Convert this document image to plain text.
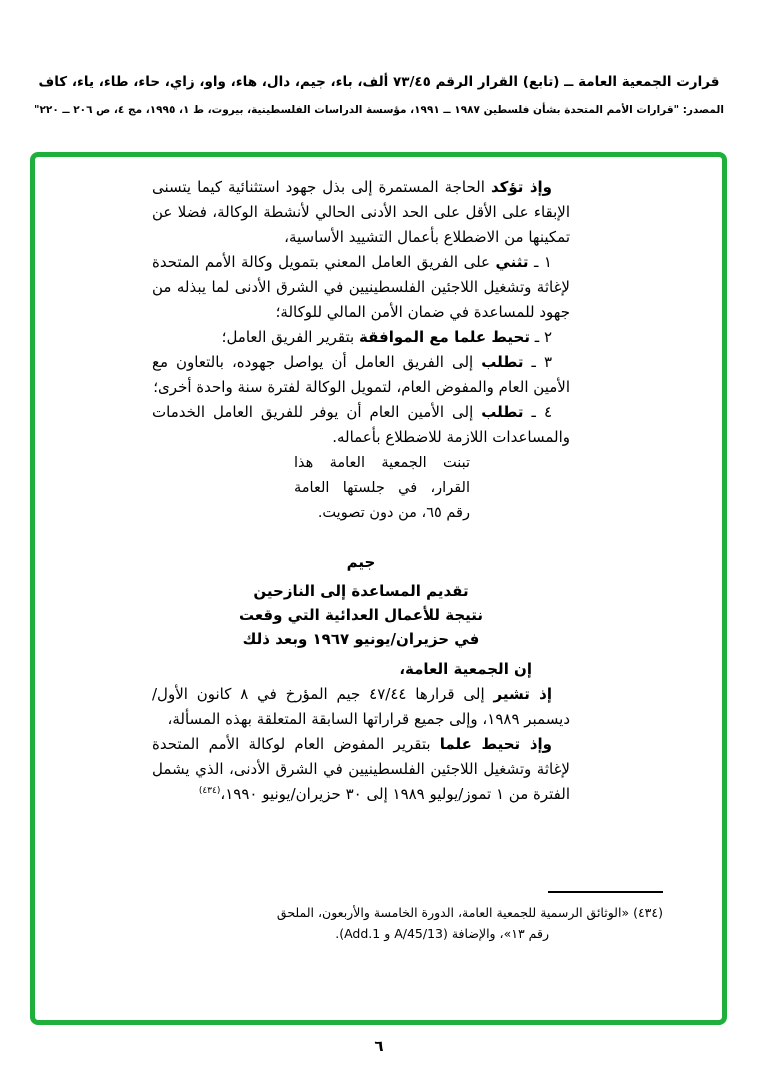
قرارت الجمعية العامة ــ (تابع) القرار الرقم ٧٣/٤٥ ألف، باء، جيم، دال، هاء، واو، زاي، حاء، طاء، ياء، كاف
المصدر: "قرارات الأمم المتحدة بشأن فلسطين ١٩٨٧ ــ ١٩٩١، مؤسسة الدراسات الفلسطينية، بيروت، ط ١، ١٩٩٥، مج ٤، ص ٢٠٦ ــ ٢٢٠"

وإذ تؤكد الحاجة المستمرة إلى بذل جهود استثنائية كيما يتسنى الإبقاء على الأقل على الحد الأدنى الحالي لأنشطة الوكالة، فضلا عن تمكينها من الاضطلاع بأعمال التشييد الأساسية،

١ ـ تثني على الفريق العامل المعني بتمويل وكالة الأمم المتحدة لإغاثة وتشغيل اللاجئين الفلسطينيين في الشرق الأدنى لما يبذله من جهود للمساعدة في ضمان الأمن المالي للوكالة؛

٢ ـ تحيط علما مع الموافقة بتقرير الفريق العامل؛

٣ ـ تطلب إلى الفريق العامل أن يواصل جهوده، بالتعاون مع الأمين العام والمفوض العام، لتمويل الوكالة لفترة سنة واحدة أخرى؛

٤ ـ تطلب إلى الأمين العام أن يوفر للفريق العامل الخدمات والمساعدات اللازمة للاضطلاع بأعماله.

تبنت الجمعية العامة هذا القرار، في جلستها العامة رقم ٦٥، من دون تصويت.

جيم

تقديم المساعدة إلى النازحين

نتيجة للأعمال العدائية التي وقعت

في حزيران/يونيو ١٩٦٧ وبعد ذلك

إن الجمعية العامة،

إذ تشير إلى قرارها ٤٧/٤٤ جيم المؤرخ في ٨ كانون الأول/ديسمبر ١٩٨٩، وإلى جميع قراراتها السابقة المتعلقة بهذه المسألة،

وإذ تحيط علما بتقرير المفوض العام لوكالة الأمم المتحدة لإغاثة وتشغيل اللاجئين الفلسطينيين في الشرق الأدنى، الذي يشمل الفترة من ١ تموز/يوليو ١٩٨٩ إلى ٣٠ حزيران/يونيو ١٩٩٠،$^{(٤٣٤)}$

(٤٣٤) «الوثائق الرسمية للجمعية العامة، الدورة الخامسة والأربعون، الملحق
رقم ١٣»، والإضافة (A/45/13 و Add.1).
٦
